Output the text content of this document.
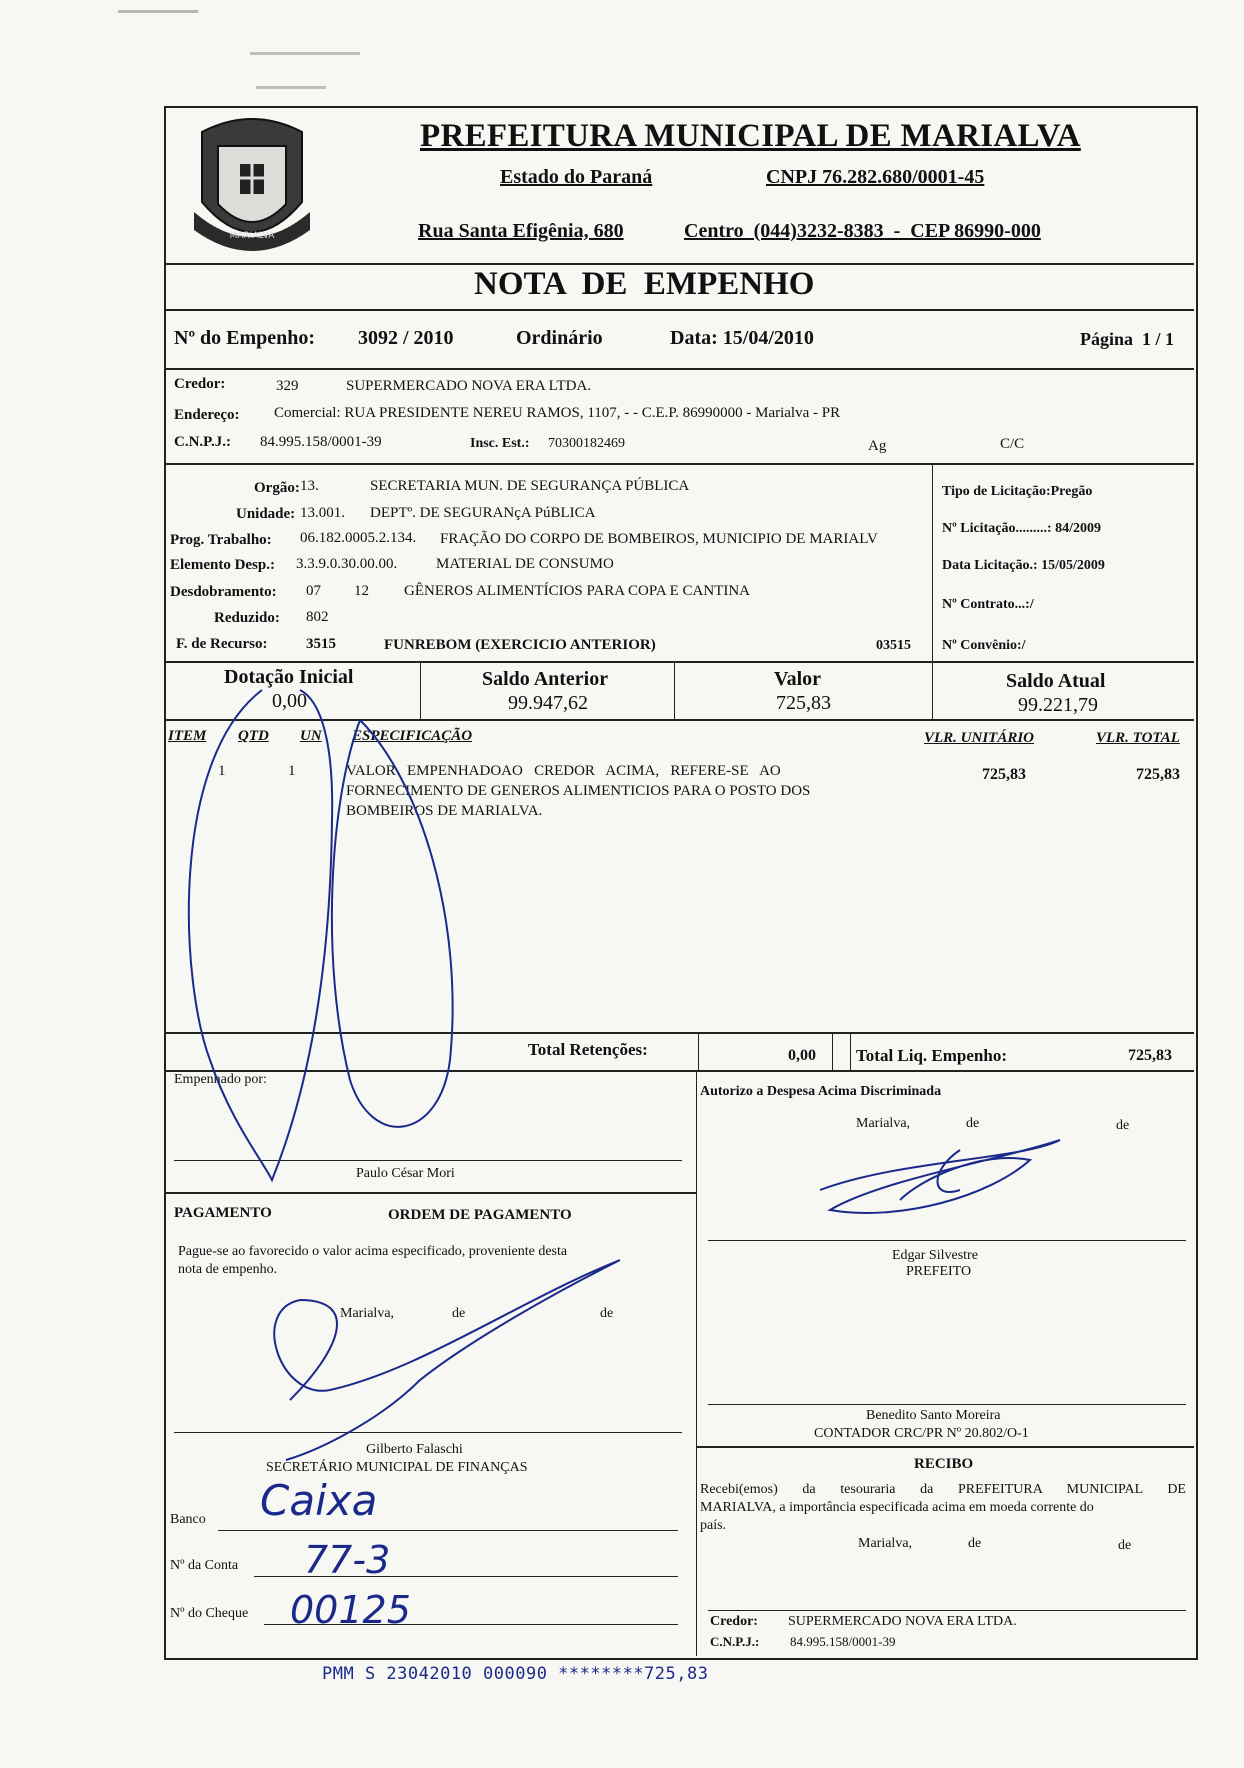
MARIALVA
PREFEITURA MUNICIPAL DE MARIALVA
Estado do Paraná	CNPJ 76.282.680/0001-45
Rua Santa Efigênia, 680	Centro  (044)3232-8383  -  CEP 86990-000
NOTA  DE  EMPENHO
Nº do Empenho: 3092 / 2010	Ordinário	Data: 15/04/2010	Página  1 / 1
Credor:	329	SUPERMERCADO NOVA ERA LTDA.
Endereço: Comercial: RUA PRESIDENTE NEREU RAMOS, 1107, - - C.E.P. 86990000 - Marialva - PR
C.N.P.J.: 84.995.158/0001-39	Insc. Est.: 70300182469	Ag	C/C
Orgão: 13.	SECRETARIA MUN. DE SEGURANÇA PÚBLICA
Unidade: 13.001. DEPTº. DE SEGURANçA PúBLICA
Prog. Trabalho: 06.182.0005.2.134. FRAÇÃO DO CORPO DE BOMBEIROS, MUNICIPIO DE MARIALV
Elemento Desp.: 3.3.9.0.30.00.00.	MATERIAL DE CONSUMO
Desdobramento: 07 12 GÊNEROS ALIMENTÍCIOS PARA COPA E CANTINA
Reduzido: 802
F. de Recurso:	3515	FUNREBOM (EXERCICIO ANTERIOR)	03515
Tipo de Licitação:Pregão
Nº Licitação.........: 84/2009
Data Licitação.: 15/05/2009
Nº Contrato...:/
Nº Convênio:/
Dotação Inicial
0,00
Saldo Anterior
99.947,62
Valor
725,83
Saldo Atual
99.221,79
ITEM QTD UN ESPECIFICAÇÃO	VLR. UNITÁRIO	VLR. TOTAL
1	1	VALOR   EMPENHADOAO   CREDOR   ACIMA,   REFERE-SE   AO
FORNECIMENTO DE GENEROS ALIMENTICIOS PARA O POSTO DOS
BOMBEIROS DE MARIALVA.
725,83	725,83
Total Retenções:	0,00 Total Liq. Empenho:	725,83
Empenhado por:
Paulo César Mori
Autorizo a Despesa Acima Discriminada
Marialva,	de	de
Edgar Silvestre
PREFEITO
PAGAMENTO	ORDEM DE PAGAMENTO
Pague-se ao favorecido o valor acima especificado, proveniente desta
nota de empenho.
Marialva,	de	de
Gilberto Falaschi
SECRETÁRIO MUNICIPAL DE FINANÇAS
Banco Caixa
Nº da Conta 77-3
Nº do Cheque 00125
Benedito Santo Moreira
CONTADOR CRC/PR Nº 20.802/O-1
RECIBO
Recebi(emos) da tesouraria da PREFEITURA MUNICIPAL DE
MARIALVA, a importância especificada acima em moeda corrente do
país.
Marialva,	de	de
Credor: SUPERMERCADO NOVA ERA LTDA.
C.N.P.J.: 84.995.158/0001-39
PMM S 23042010 000090 ********725,83
